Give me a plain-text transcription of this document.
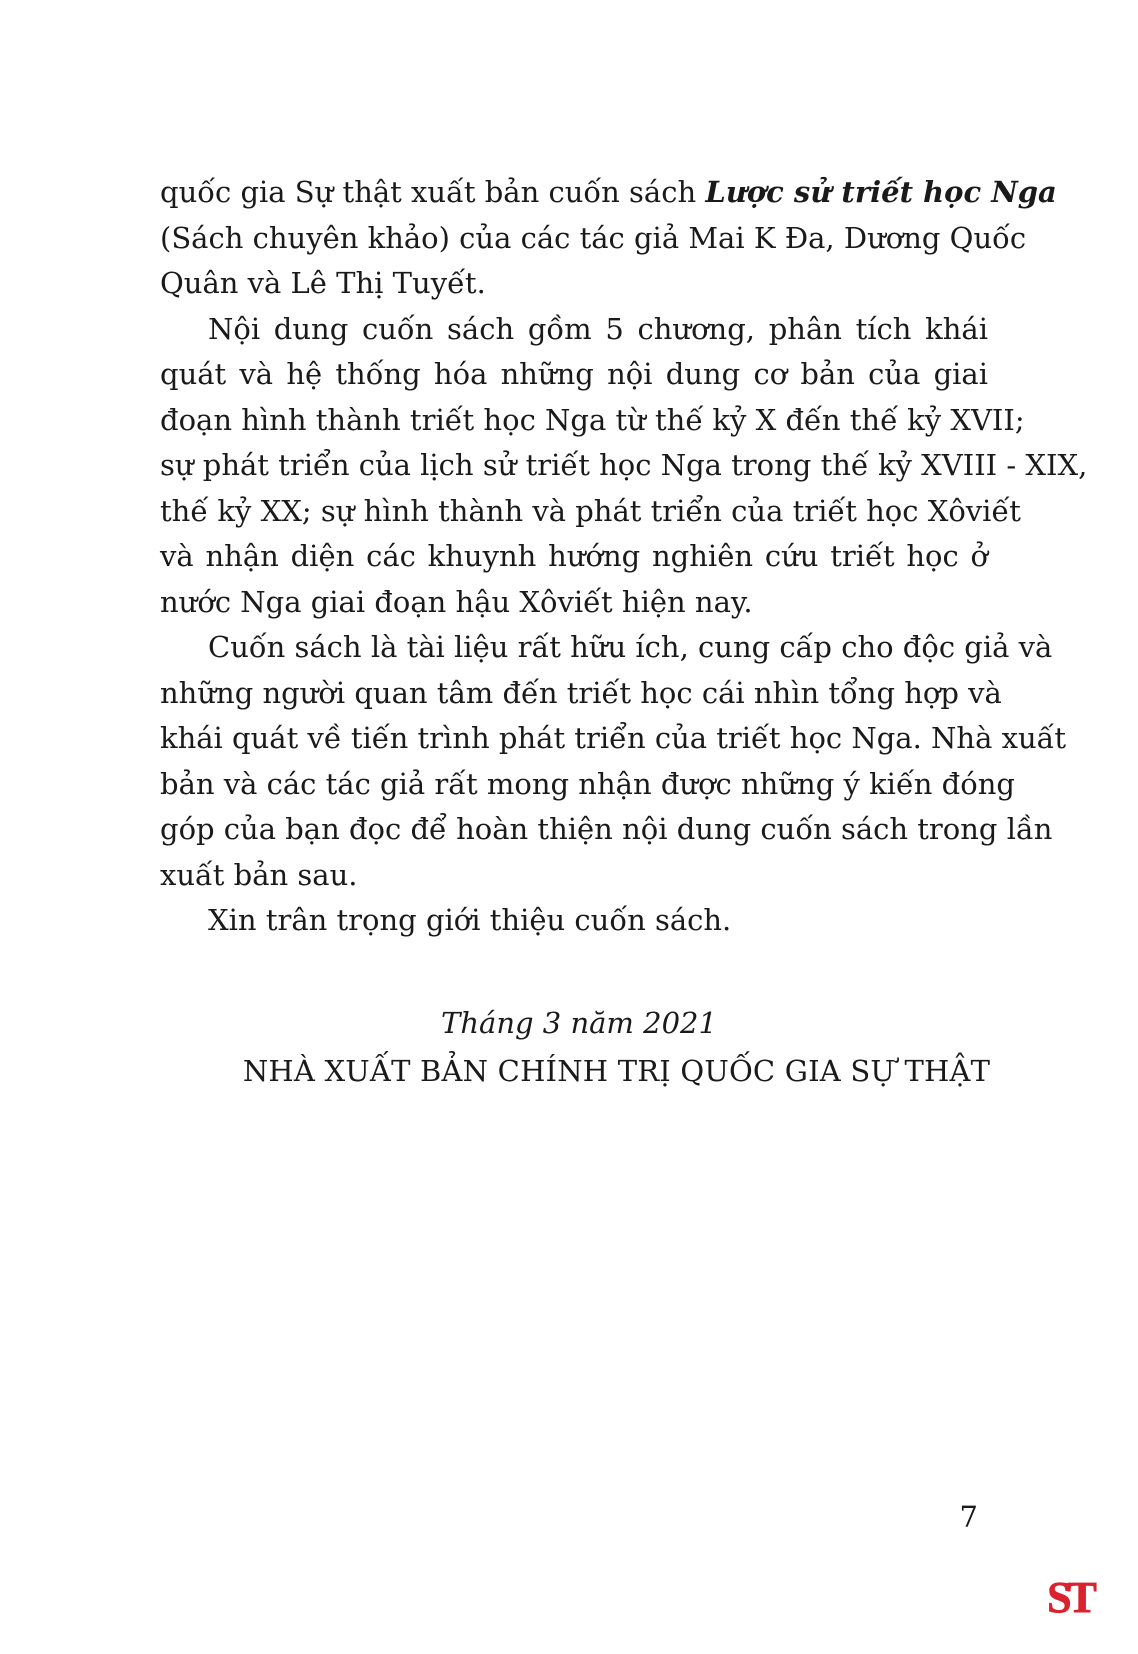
quốc gia Sự thật xuất bản cuốn sách Lược sử triết học Nga
(Sách chuyên khảo) của các tác giả Mai K Đa, Dương Quốc
Quân và Lê Thị Tuyết.

Nội dung cuốn sách gồm 5 chương, phân tích khái
quát và hệ thống hóa những nội dung cơ bản của giai
đoạn hình thành triết học Nga từ thế kỷ X đến thế kỷ XVII;
sự phát triển của lịch sử triết học Nga trong thế kỷ XVIII - XIX,
thế kỷ XX; sự hình thành và phát triển của triết học Xôviết
và nhận diện các khuynh hướng nghiên cứu triết học ở
nước Nga giai đoạn hậu Xôviết hiện nay.

Cuốn sách là tài liệu rất hữu ích, cung cấp cho độc giả và
những người quan tâm đến triết học cái nhìn tổng hợp và
khái quát về tiến trình phát triển của triết học Nga. Nhà xuất
bản và các tác giả rất mong nhận được những ý kiến đóng
góp của bạn đọc để hoàn thiện nội dung cuốn sách trong lần
xuất bản sau.

Xin trân trọng giới thiệu cuốn sách.

Tháng 3 năm 2021
NHÀ XUẤT BẢN CHÍNH TRỊ QUỐC GIA SỰ THẬT
7
ST
